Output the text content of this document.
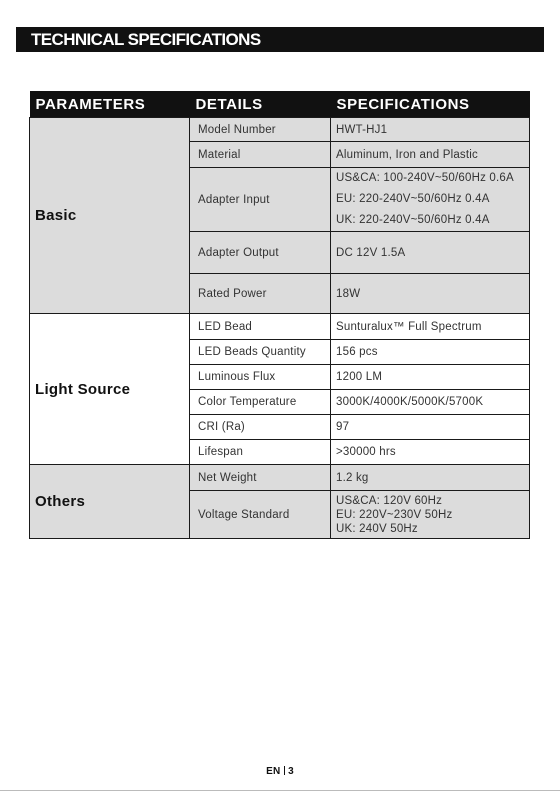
TECHNICAL SPECIFICATIONS
PARAMETERS	DETAILS	SPECIFICATIONS
Basic	Model Number	HWT-HJ1
	Material	Aluminum, Iron and Plastic
	Adapter Input	US&CA: 100-240V~50/60Hz 0.6A
EU: 220-240V~50/60Hz 0.4A
UK: 220-240V~50/60Hz 0.4A

	Adapter Output	DC 12V 1.5A
	Rated Power	18W
Light Source	LED Bead	Sunturalux™ Full Spectrum
	LED Beads Quantity	156 pcs
	Luminous Flux	1200 LM
	Color Temperature	3000K/4000K/5000K/5700K
	CRI (Ra)	97
	Lifespan	>30000 hrs
Others	Net Weight	1.2 kg
	Voltage Standard	US&CA: 120V 60Hz
EU: 220V~230V 50Hz
UK: 240V 50Hz
EN 3
